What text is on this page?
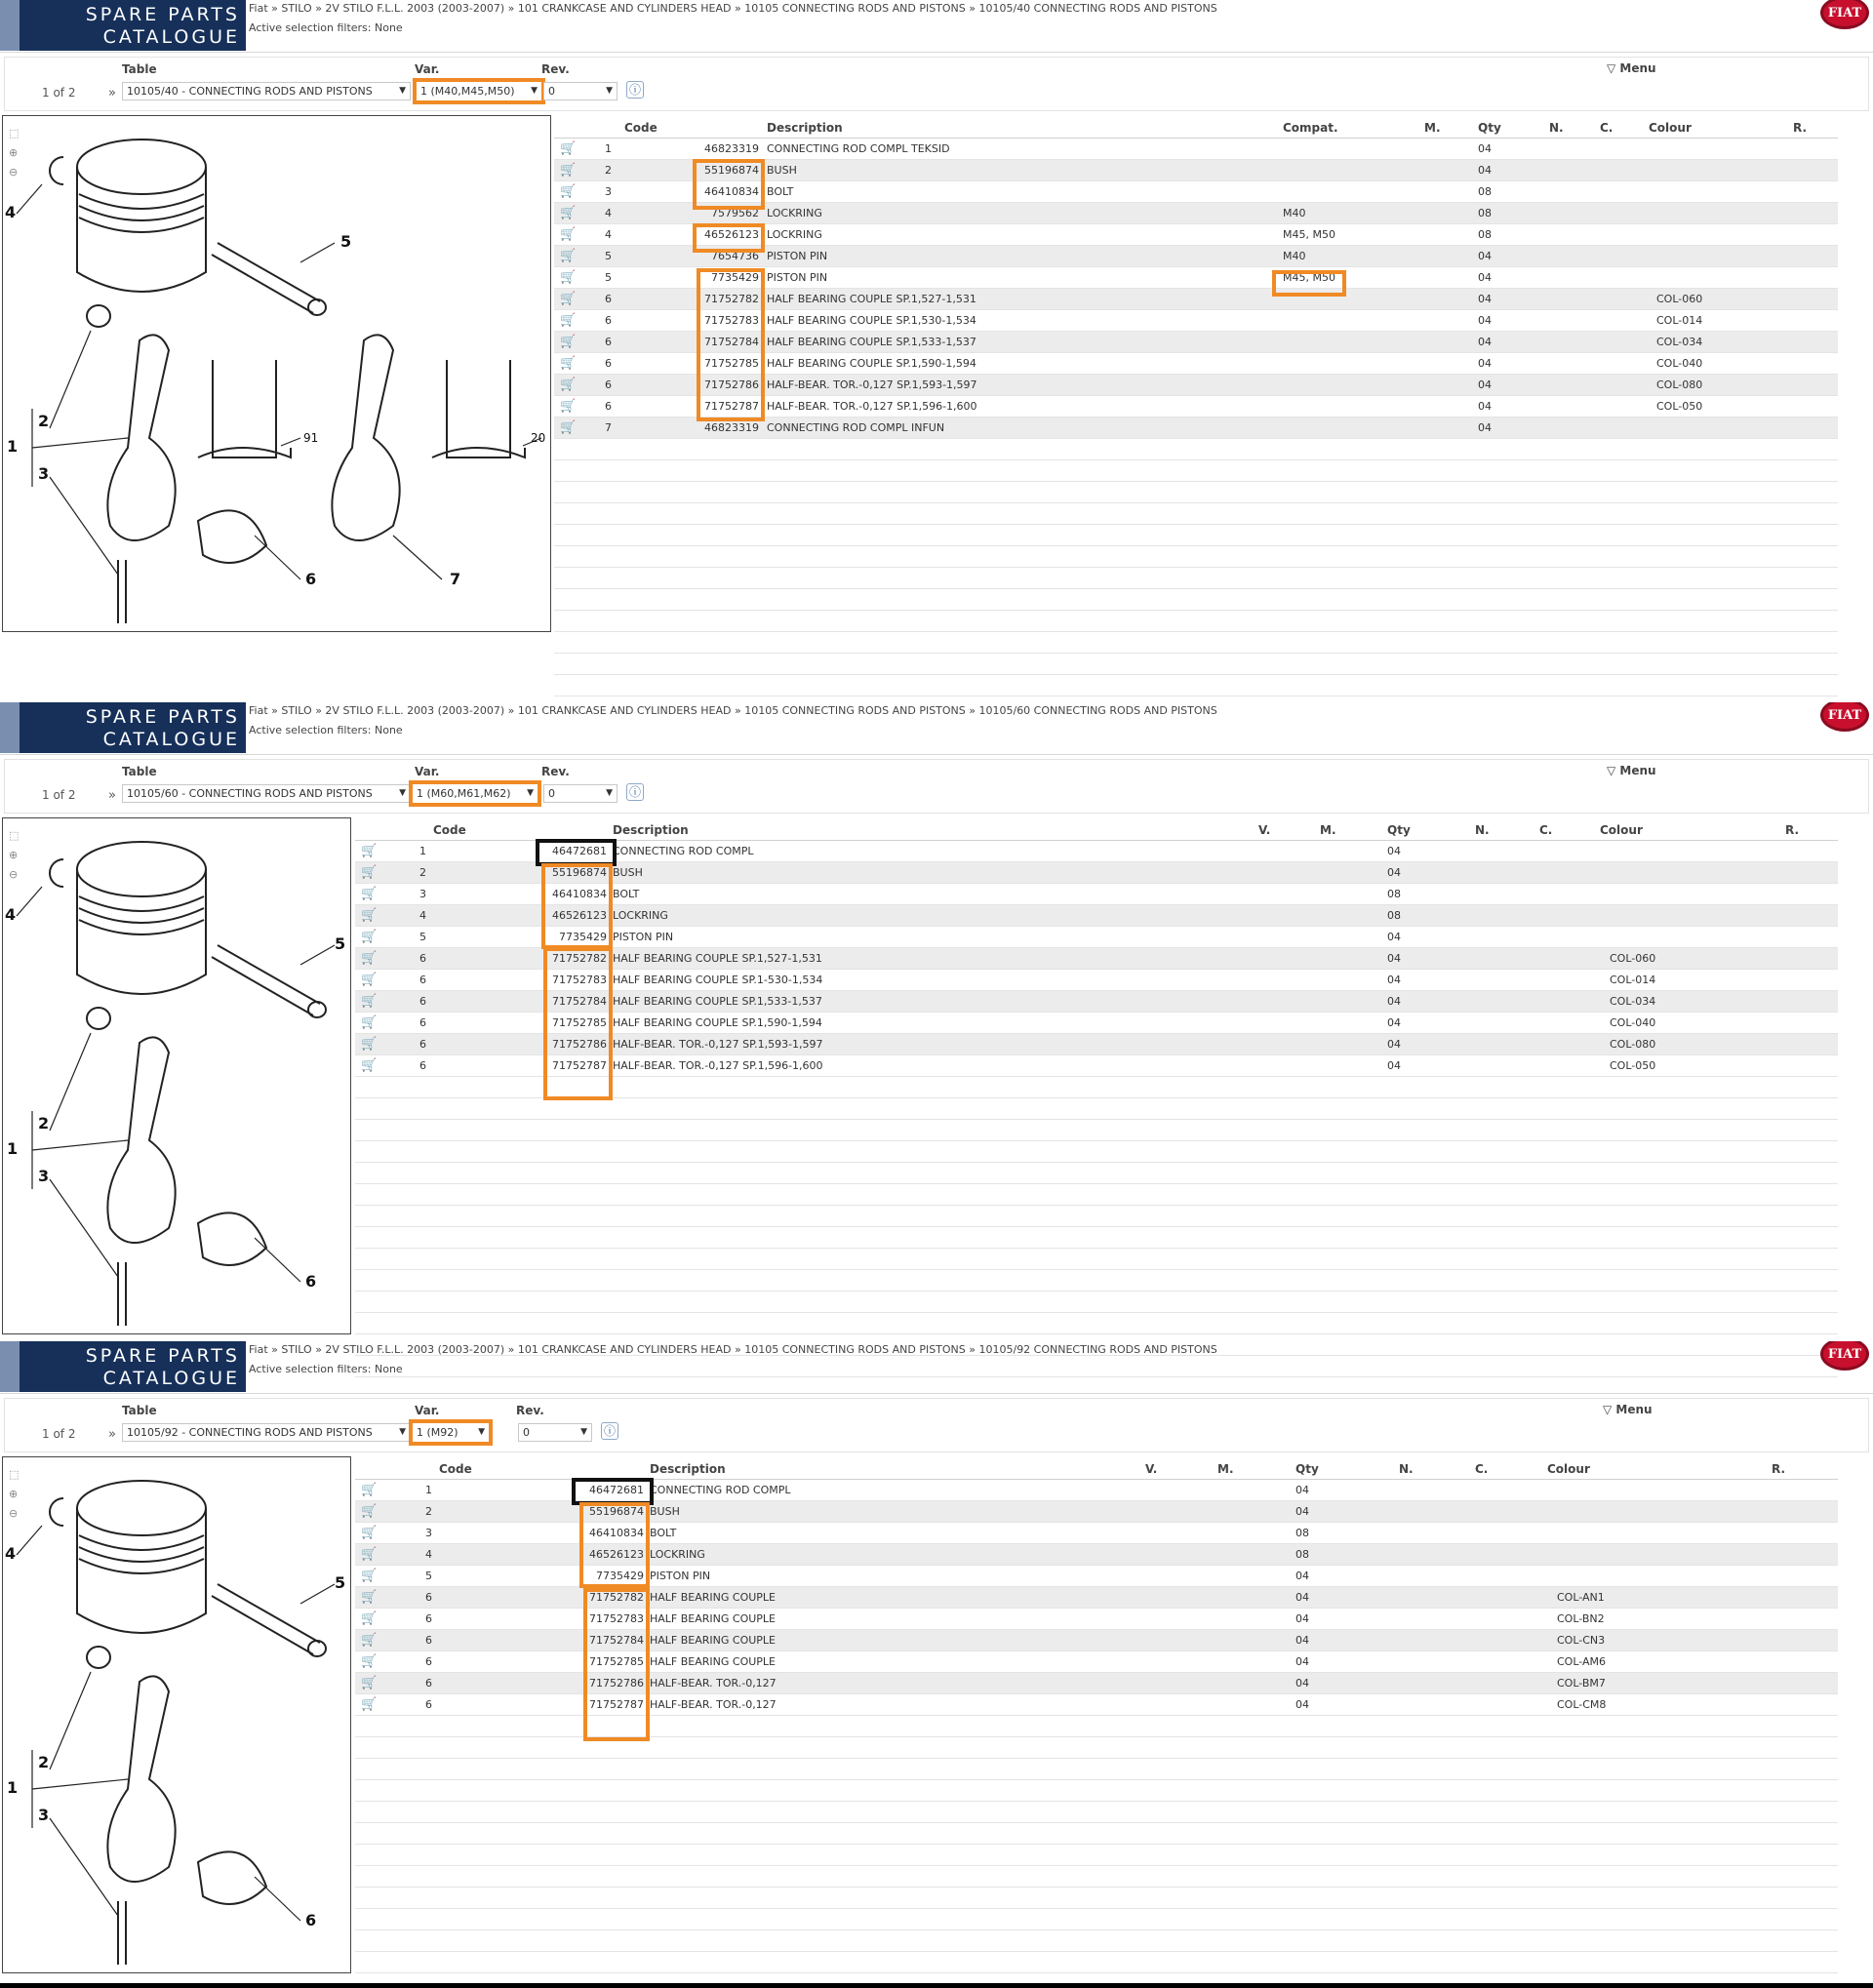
SPARE PARTS
CATALOGUE
Fiat » STILO » 2V STILO F.L.L. 2003 (2003-2007) » 101 CRANKCASE AND CYLINDERS HEAD » 10105 CONNECTING RODS AND PISTONS » 10105/40 CONNECTING RODS AND PISTONS
Active selection filters: None
FIAT
Table	Var.	Rev.
1 of 2	»	10105/40 - CONNECTING RODS AND PISTONS	▼	1 (M40,M45,M50) ▼	0	▼ ⓘ
▽ Menu
⬚
⊕
⊖
4
5
2
1
3
6	7
91	20
Code	Description	Compat.	M.	Qty	N.	C.	Colour	R.
🛒	1	46823319 CONNECTING ROD COMPL TEKSID	04
🛒	2	55196874 BUSH	04
🛒	3	46410834 BOLT	08
🛒	4	7579562 LOCKRING	M40	08
🛒	4	46526123 LOCKRING	M45, M50	08
🛒	5	7654736 PISTON PIN	M40	04
🛒	5	7735429 PISTON PIN	M45, M50	04
🛒	6	71752782 HALF BEARING COUPLE SP.1,527-1,531	04	COL-060
🛒	6	71752783 HALF BEARING COUPLE SP.1,530-1,534	04	COL-014
🛒	6	71752784 HALF BEARING COUPLE SP.1,533-1,537	04	COL-034
🛒	6	71752785 HALF BEARING COUPLE SP.1,590-1,594	04	COL-040
🛒	6	71752786 HALF-BEAR. TOR.-0,127 SP.1,593-1,597	04	COL-080
🛒	6	71752787 HALF-BEAR. TOR.-0,127 SP.1,596-1,600	04	COL-050
🛒	7	46823319 CONNECTING ROD COMPL INFUN	04
SPARE PARTS
CATALOGUE
Fiat » STILO » 2V STILO F.L.L. 2003 (2003-2007) » 101 CRANKCASE AND CYLINDERS HEAD » 10105 CONNECTING RODS AND PISTONS » 10105/60 CONNECTING RODS AND PISTONS
Active selection filters: None
FIAT
Table	Var.	Rev.
1 of 2	»	10105/60 - CONNECTING RODS AND PISTONS	▼	1 (M60,M61,M62) ▼	0	▼ ⓘ
▽ Menu
⬚
⊕
⊖
4
5
2
1
3
6
Code	Description	V.	M.	Qty	N.	C.	Colour	R.
🛒	1	46472681 CONNECTING ROD COMPL	04
🛒	2	55196874 BUSH	04
🛒	3	46410834 BOLT	08
🛒	4	46526123 LOCKRING	08
🛒	5	7735429 PISTON PIN	04
🛒	6	71752782 HALF BEARING COUPLE SP.1,527-1,531	04	COL-060
🛒	6	71752783 HALF BEARING COUPLE SP.1-530-1,534	04	COL-014
🛒	6	71752784 HALF BEARING COUPLE SP.1,533-1,537	04	COL-034
🛒	6	71752785 HALF BEARING COUPLE SP.1,590-1,594	04	COL-040
🛒	6	71752786 HALF-BEAR. TOR.-0,127 SP.1,593-1,597	04	COL-080
🛒	6	71752787 HALF-BEAR. TOR.-0,127 SP.1,596-1,600	04	COL-050
SPARE PARTS
CATALOGUE
Fiat » STILO » 2V STILO F.L.L. 2003 (2003-2007) » 101 CRANKCASE AND CYLINDERS HEAD » 10105 CONNECTING RODS AND PISTONS » 10105/92 CONNECTING RODS AND PISTONS
Active selection filters: None
FIAT
Table	Var.	Rev.
1 of 2	»	10105/92 - CONNECTING RODS AND PISTONS	▼	1 (M92) ▼	0	▼ ⓘ
▽ Menu
⬚
⊕
⊖
4
5
2
1
3
6
Code	Description	V.	M.	Qty	N.	C.	Colour	R.
🛒	1	46472681 CONNECTING ROD COMPL	04
🛒	2	55196874 BUSH	04
🛒	3	46410834 BOLT	08
🛒	4	46526123 LOCKRING	08
🛒	5	7735429 PISTON PIN	04
🛒	6	71752782 HALF BEARING COUPLE	04	COL-AN1
🛒	6	71752783 HALF BEARING COUPLE	04	COL-BN2
🛒	6	71752784 HALF BEARING COUPLE	04	COL-CN3
🛒	6	71752785 HALF BEARING COUPLE	04	COL-AM6
🛒	6	71752786 HALF-BEAR. TOR.-0,127	04	COL-BM7
🛒	6	71752787 HALF-BEAR. TOR.-0,127	04	COL-CM8
